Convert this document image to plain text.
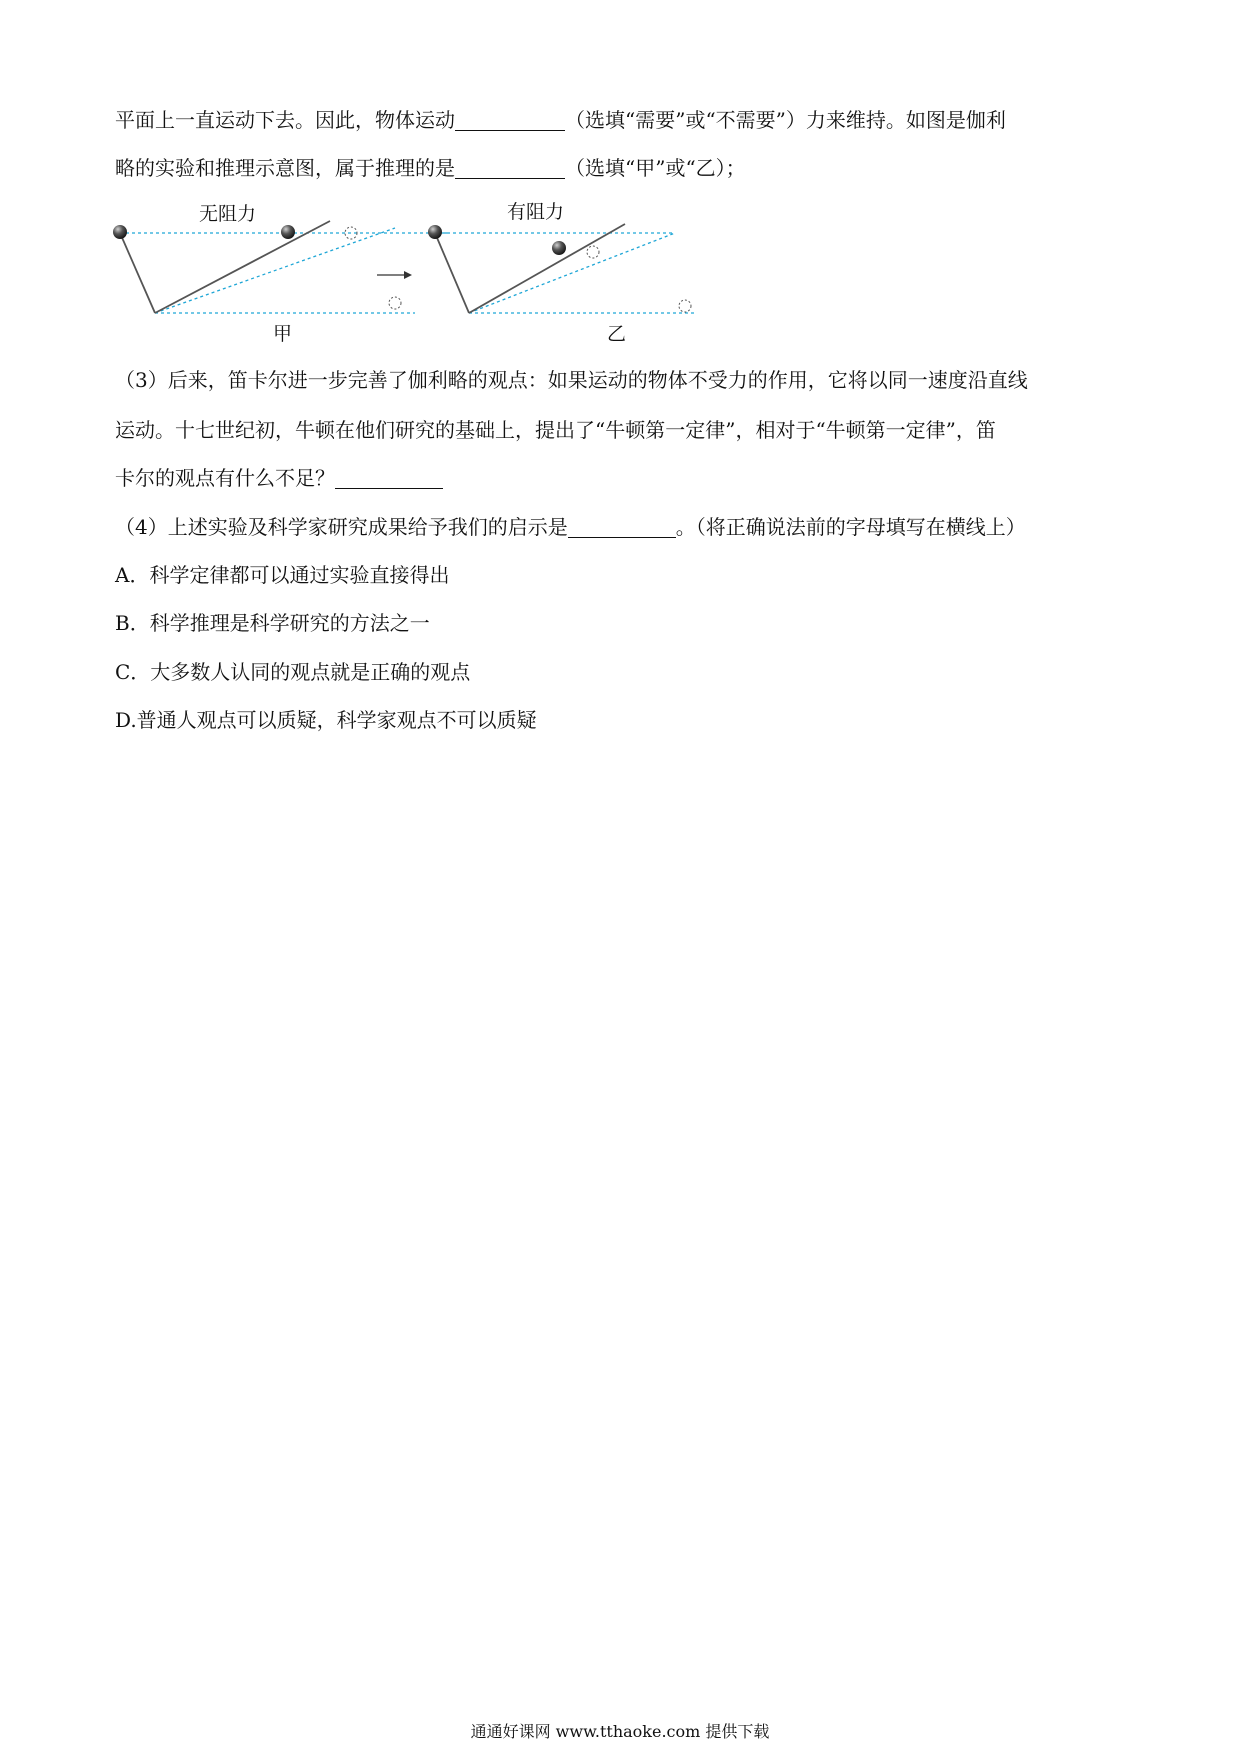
平面上一直运动下去。因此，物体运动	（选填“需要”或“不需要”）力来维持。如图是伽利
略的实验和推理示意图，属于推理的是	（选填“甲”或“乙）；
无阻力	有阻力
甲	乙
（3）后来，笛卡尔进一步完善了伽利略的观点：如果运动的物体不受力的作用，它将以同一速度沿直线
运动。十七世纪初，牛顿在他们研究的基础上，提出了“牛顿第一定律”，相对于“牛顿第一定律”，笛
卡尔的观点有什么不足？
（4）上述实验及科学家研究成果给予我们的启示是	。（将正确说法前的字母填写在横线上）
A．科学定律都可以通过实验直接得出
B．科学推理是科学研究的方法之一
C．大多数人认同的观点就是正确的观点
D.普通人观点可以质疑，科学家观点不可以质疑
通通好课网 www.tthaoke.com 提供下载
